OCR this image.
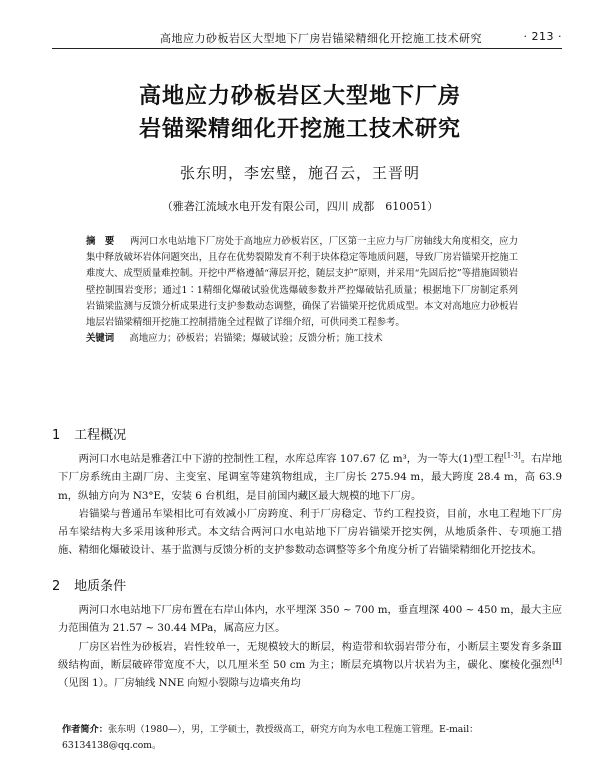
高地应力砂板岩区大型地下厂房岩锚梁精细化开挖施工技术研究	· 213 ·
高地应力砂板岩区大型地下厂房
岩锚梁精细化开挖施工技术研究
张东明，李宏璧，施召云，王晋明
（雅砻江流域水电开发有限公司，四川 成都　610051）
摘　要 　 两河口水电站地下厂房处于高地应力砂板岩区，厂区第一主应力与厂房轴线大角度相交，应力集中释放破坏岩体问题突出，且存在优势裂隙发育不利于块体稳定等地质问题，导致厂房岩锚梁开挖施工难度大、成型质量难控制。开挖中严格遵循“薄层开挖，随层支护”原则，并采用“先固后挖”等措施固锁岩壁控制围岩变形；通过1∶1精细化爆破试验优选爆破参数并严控爆破钻孔质量；根据地下厂房制定系列岩锚梁监测与反馈分析成果进行支护参数动态调整，确保了岩锚梁开挖优质成型。本文对高地应力砂板岩地层岩锚梁精细开挖施工控制措施全过程做了详细介绍，可供同类工程参考。
关键词 　 高地应力；砂板岩；岩锚梁；爆破试验；反馈分析；施工技术
1 工程概况

两河口水电站是雅砻江中下游的控制性工程，水库总库容 107.67 亿 m³，为一等大(1)型工程[1-3]。右岸地下厂房系统由主副厂房、主变室、尾调室等建筑物组成，主厂房长 275.94 m，最大跨度 28.4 m，高 63.9 m，纵轴方向为 N3°E，安装 6 台机组，是目前国内藏区最大规模的地下厂房。

岩锚梁与普通吊车梁相比可有效减小厂房跨度、利于厂房稳定、节约工程投资，目前，水电工程地下厂房吊车梁结构大多采用该种形式。本文结合两河口水电站地下厂房岩锚梁开挖实例，从地质条件、专项施工措施、精细化爆破设计、基于监测与反馈分析的支护参数动态调整等多个角度分析了岩锚梁精细化开挖技术。

2 地质条件

两河口水电站地下厂房布置在右岸山体内，水平埋深 350 ~ 700 m，垂直埋深 400 ~ 450 m，最大主应力范围值为 21.57 ~ 30.44 MPa，属高应力区。

厂房区岩性为砂板岩，岩性较单一，无规模较大的断层，构造带和软弱岩带分布，小断层主要发育多条Ⅲ级结构面，断层破碎带宽度不大，以几厘米至 50 cm 为主；断层充填物以片状岩为主，碳化、糜棱化强烈[4]（见图 1）。厂房轴线 NNE 向短小裂隙与边墙夹角均

作者简介：张东明（1980—），男，工学硕士，教授级高工，研究方向为水电工程施工管理。E-mail：63134138@qq.com。
